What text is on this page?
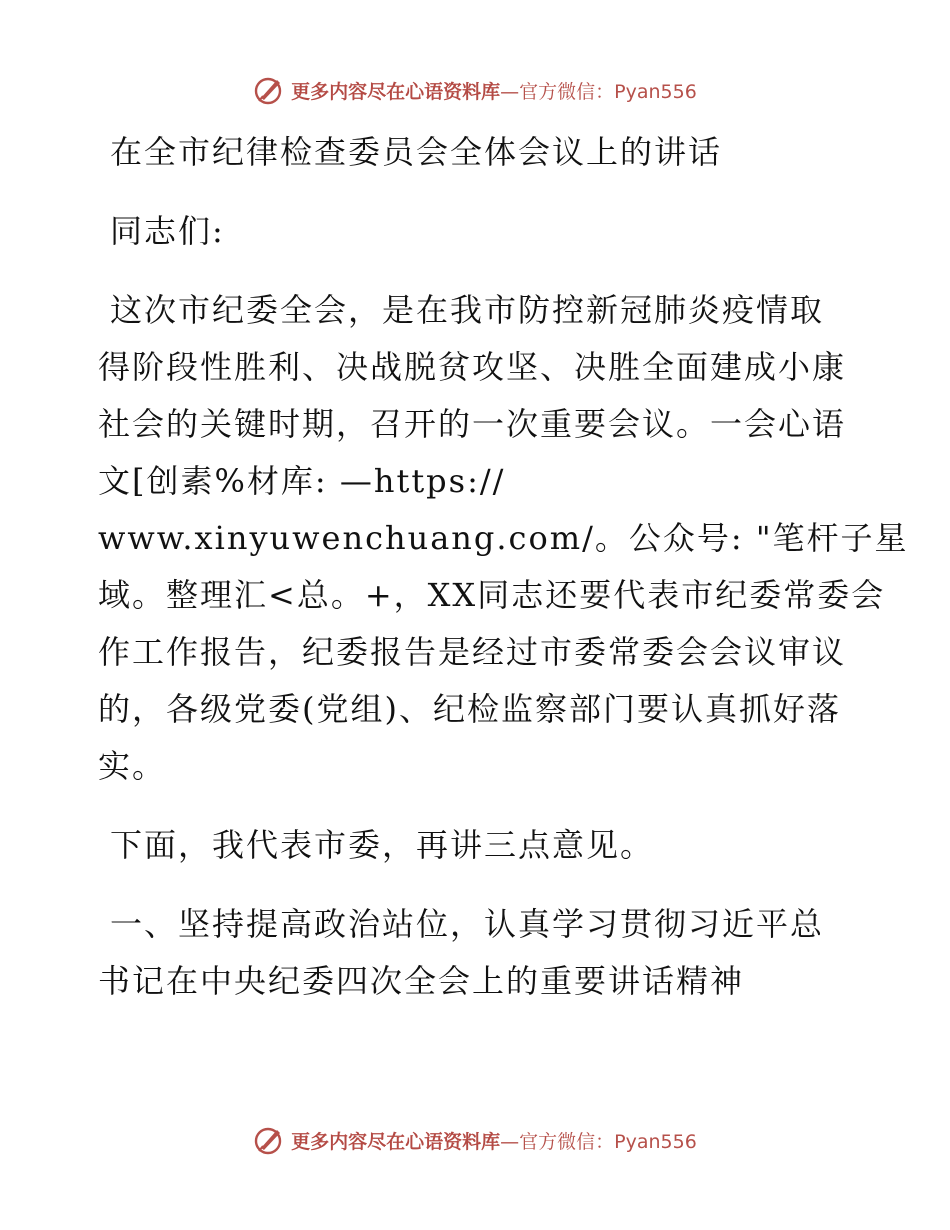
更多内容尽在心语资料库 —官方微信：Pyan556
在全市纪律检查委员会全体会议上的讲话
同志们:
这次市纪委全会，是在我市防控新冠肺炎疫情取
得阶段性胜利、决战脱贫攻坚、决胜全面建成小康
社会的关键时期，召开的一次重要会议。一会心语
文[创素%材库: —https://
www.xinyuwenchuang.com/。公众号: "笔杆子星
域。整理汇<总。+，XX同志还要代表市纪委常委会
作工作报告，纪委报告是经过市委常委会会议审议
的，各级党委(党组)、纪检监察部门要认真抓好落
实。
下面，我代表市委，再讲三点意见。
一、坚持提高政治站位，认真学习贯彻习近平总
书记在中央纪委四次全会上的重要讲话精神
更多内容尽在心语资料库 —官方微信：Pyan556
